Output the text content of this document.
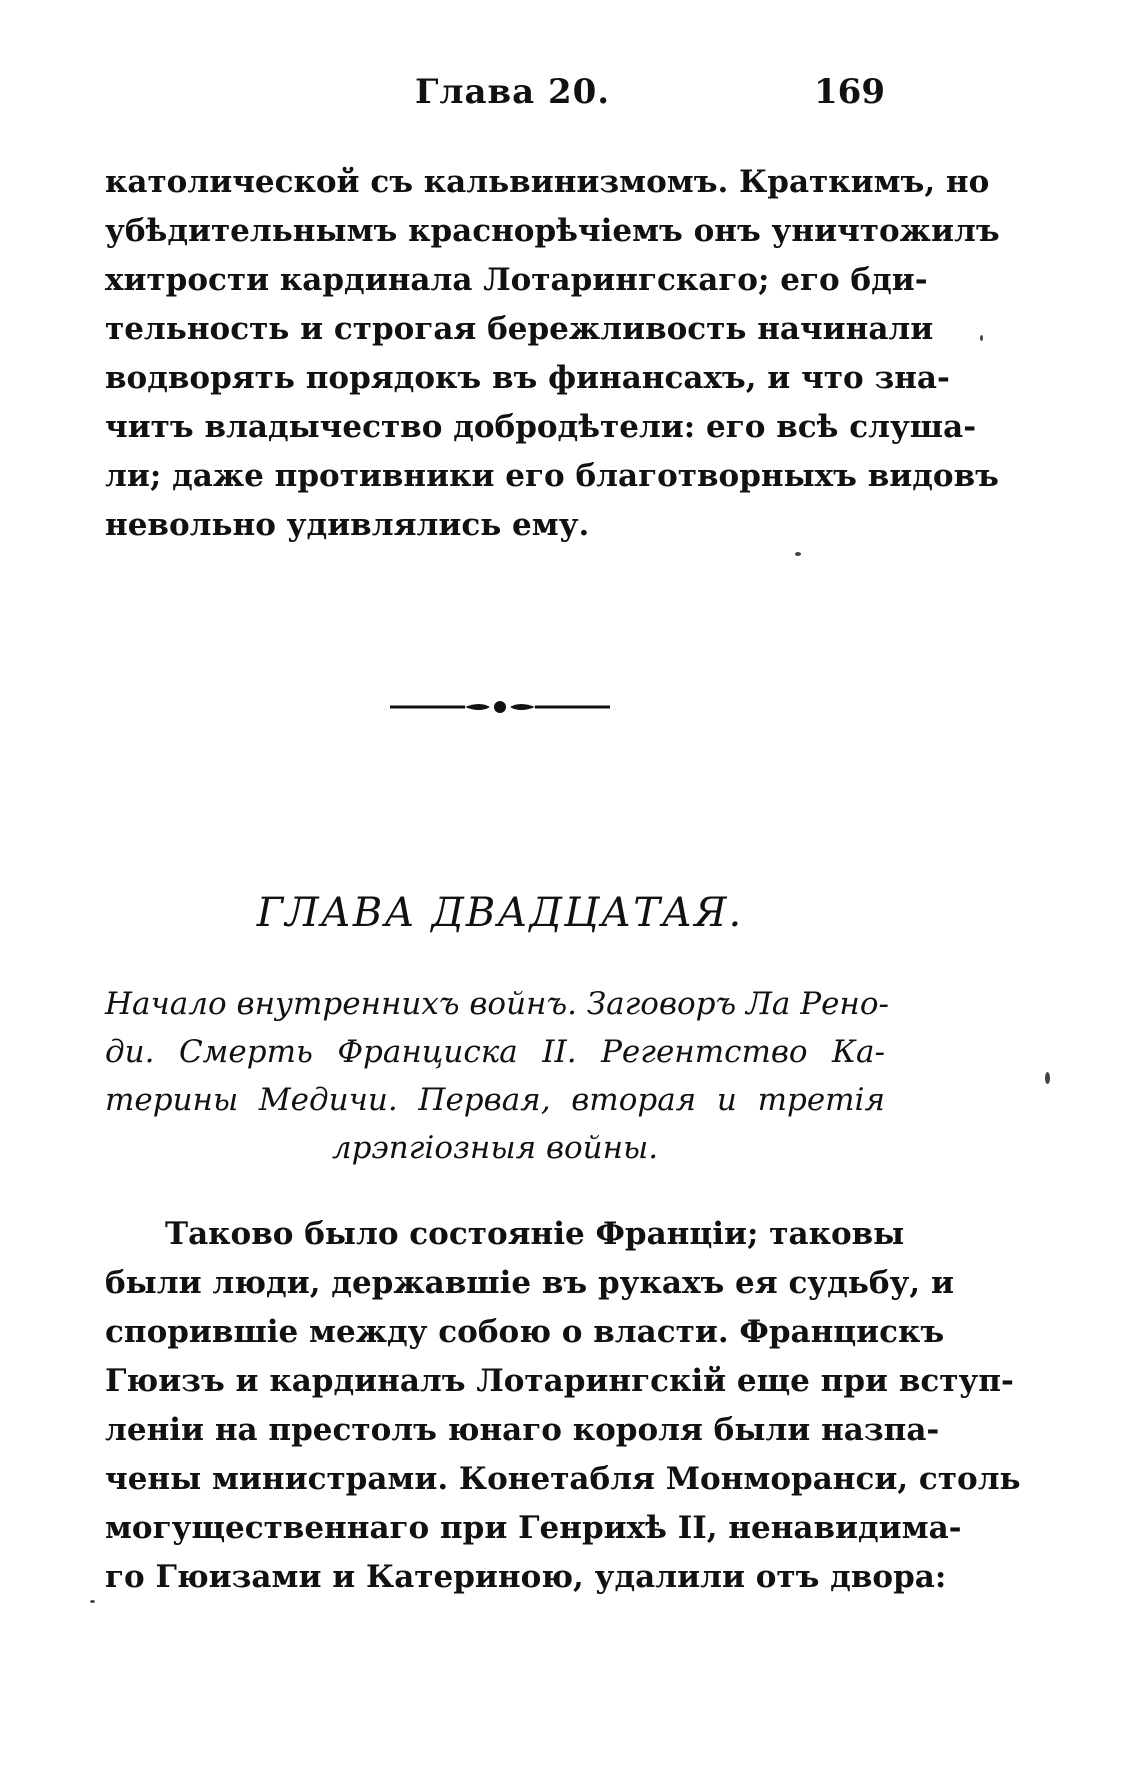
Глава 20.	169
католической съ кальвинизмомъ. Краткимъ, но
убѣдительнымъ краснорѣчіемъ онъ уничтожилъ
хитрости кардинала Лотарингскаго; его бди-
тельность и строгая бережливость начинали
водворять порядокъ въ финансахъ, и что зна-
читъ владычество добродѣтели: его всѣ слуша-
ли; даже противники его благотворныхъ видовъ
невольно удивлялись ему.
ГЛАВА ДВАДЦАТАЯ.
Начало внутреннихъ войнъ. Заговоръ Ла Рено-
ди. Смерть Франциска II. Регентство Ка-
терины Медичи. Первая, вторая и третія
лрэпгіозныя войны.
Таково было состояніе Франціи; таковы
были люди, державшіе въ рукахъ ея судьбу, и
спорившіе между собою о власти. Францискъ
Гюизъ и кардиналъ Лотарингскій еще при вступ-
леніи на престолъ юнаго короля были назпа-
чены министрами. Конетабля Монморанси, столь
могущественнаго при Генрихѣ II, ненавидима-
го Гюизами и Катериною, удалили отъ двора:
